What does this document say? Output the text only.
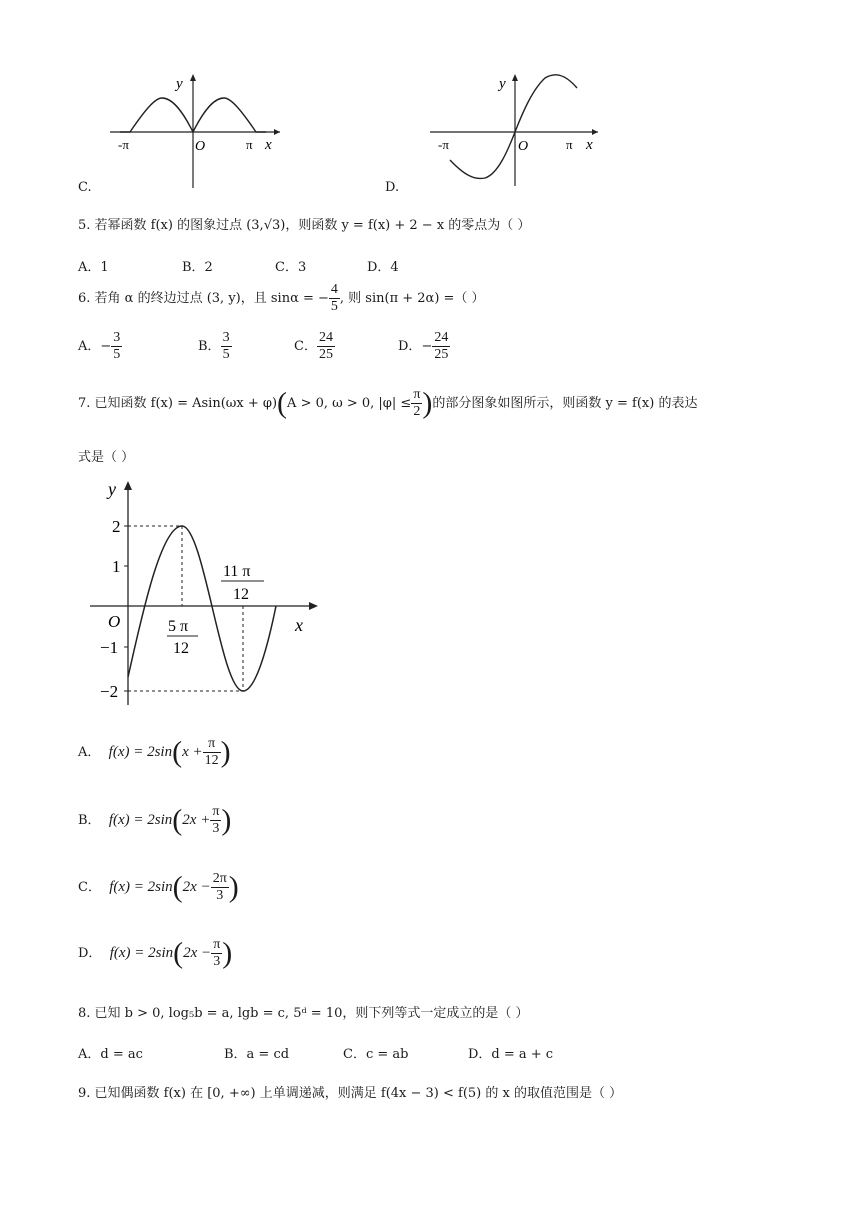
y
x
O
-π	π
C.
y
x
O
-π	π
D.
5. 若幂函数 f(x) 的图象过点 (3,√3)，则函数 y = f(x) + 2 − x 的零点为（ ）
A．1	B．2	C．3	D．4
6. 若角 α 的终边过点 (3, y)，且 sinα = − $\frac{4}{5}$ , 则 sin(π + 2α) =（ ）
A．− $\frac{3}{5}$	B． $\frac{3}{5}$	C． $\frac{24}{25}$	D．− $\frac{24}{25}$
7. 已知函数 f(x) = Asin(ωx + φ)(A > 0, ω > 0, $|\varphi| \le \frac{\pi}{2}$ )的部分图象如图所示，则函数 y = f(x) 的表达
式是（ ）
y
x
O
2
1
−1
−2
5 π
12
11 π
12
A． $f(x) = 2\sin(x + \frac{\pi}{12}$ )
B． $f(x) = 2\sin(2x + \frac{\pi}{3}$ )
C． $f(x) = 2\sin(2x - \frac{2\pi}{3}$ )
D． $f(x) = 2\sin(2x - \frac{\pi}{3}$ )
8. 已知 b > 0, log₅b = a, lgb = c, 5ᵈ = 10，则下列等式一定成立的是（ ）
A．d = ac	B．a = cd	C．c = ab	D．d = a + c
9. 已知偶函数 f(x) 在 [0, +∞) 上单调递减，则满足 f(4x − 3) < f(5) 的 x 的取值范围是（ ）
